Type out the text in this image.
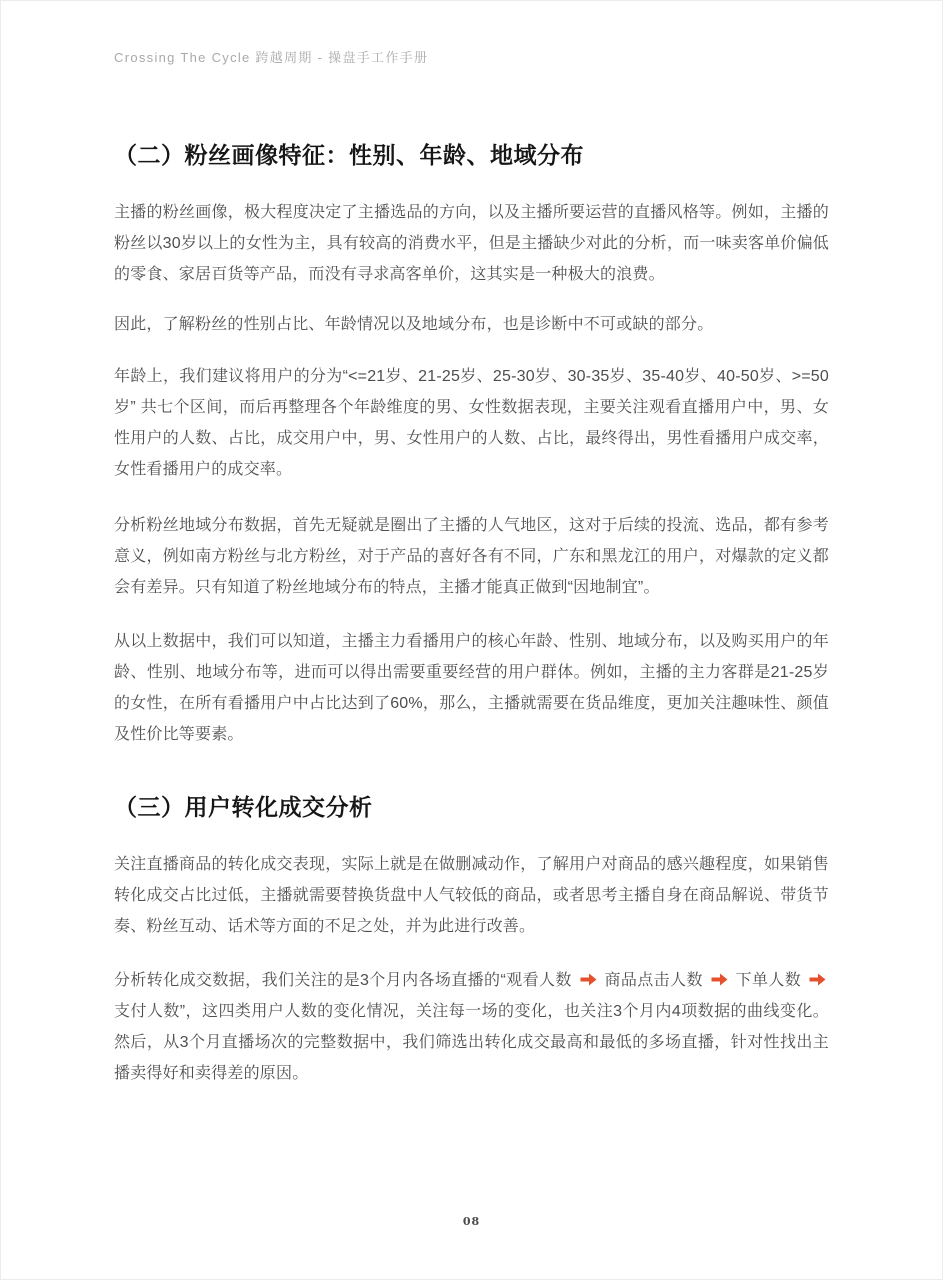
Crossing The Cycle 跨越周期 - 操盘手工作手册
（二）粉丝画像特征：性别、年龄、地域分布

主播的粉丝画像，极大程度决定了主播选品的方向，以及主播所要运营的直播风格等。例如，主播的粉丝以30岁以上的女性为主，具有较高的消费水平，但是主播缺少对此的分析，而一味卖客单价偏低的零食、家居百货等产品，而没有寻求高客单价，这其实是一种极大的浪费。

因此，了解粉丝的性别占比、年龄情况以及地域分布，也是诊断中不可或缺的部分。

年龄上，我们建议将用户的分为“<=21岁、21-25岁、25-30岁、30-35岁、35-40岁、40-50岁、>=50岁” 共七个区间，而后再整理各个年龄维度的男、女性数据表现，主要关注观看直播用户中，男、女性用户的人数、占比，成交用户中，男、女性用户的人数、占比，最终得出，男性看播用户成交率，女性看播用户的成交率。

分析粉丝地域分布数据，首先无疑就是圈出了主播的人气地区，这对于后续的投流、选品，都有参考意义，例如南方粉丝与北方粉丝，对于产品的喜好各有不同，广东和黑龙江的用户，对爆款的定义都会有差异。只有知道了粉丝地域分布的特点，主播才能真正做到“因地制宜”。

从以上数据中，我们可以知道，主播主力看播用户的核心年龄、性别、地域分布，以及购买用户的年龄、性别、地域分布等，进而可以得出需要重要经营的用户群体。例如，主播的主力客群是21-25岁的女性，在所有看播用户中占比达到了60%，那么，主播就需要在货品维度，更加关注趣味性、颜值及性价比等要素。

（三）用户转化成交分析

关注直播商品的转化成交表现，实际上就是在做删减动作，了解用户对商品的感兴趣程度，如果销售转化成交占比过低，主播就需要替换货盘中人气较低的商品，或者思考主播自身在商品解说、带货节奏、粉丝互动、话术等方面的不足之处，并为此进行改善。

分析转化成交数据，我们关注的是3个月内各场直播的“观看人数
商品点击人数
下单人数
支付人数”，这四类用户人数的变化情况，关注每一场的变化，也关注3个月内4项数据的曲线变化。然后，从3个月直播场次的完整数据中，我们筛选出转化成交最高和最低的多场直播，针对性找出主播卖得好和卖得差的原因。

08
